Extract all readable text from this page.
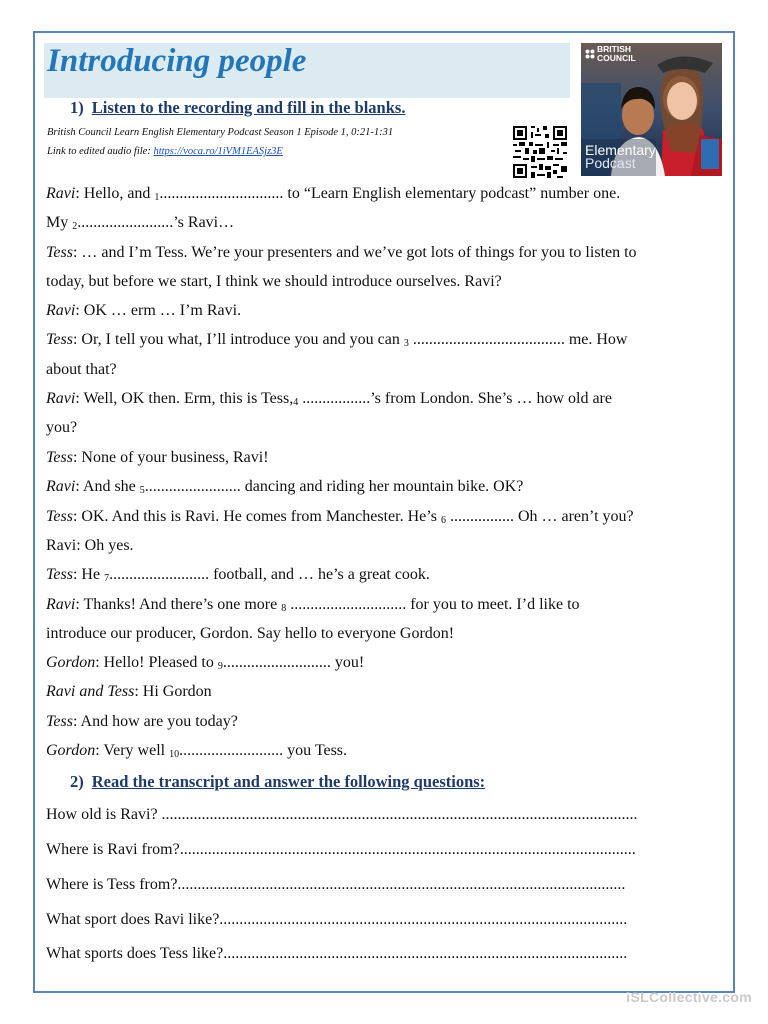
Introducing people
1) Listen to the recording and fill in the blanks.
British Council Learn English Elementary Podcast Season 1 Episode 1, 0:21-1:31
Link to edited audio file: https://voca.ro/1iVM1EASjz3E
BRITISH
COUNCIL
Elementary
Podcast
Ravi: Hello, and $_1$............................... to “Learn English elementary podcast” number one.
My $_2$........................’s Ravi…
Tess: … and I’m Tess. We’re your presenters and we’ve got lots of things for you to listen to
today, but before we start, I think we should introduce ourselves. Ravi?
Ravi: OK … erm … I’m Ravi.
Tess: Or, I tell you what, I’ll introduce you and you can $_3$ ...................................... me. How
about that?
Ravi: Well, OK then. Erm, this is $Tess,_4$ .................’s from London. She’s … how old are
you?
Tess: None of your business, Ravi!
Ravi: And she $_5$........................ dancing and riding her mountain bike. OK?
Tess: OK. And this is Ravi. He comes from Manchester. He’s $_6$ ................ Oh … aren’t you?
Ravi: Oh yes.
Tess: He $_7$......................... football, and … he’s a great cook.
Ravi: Thanks! And there’s one more $_8$ ............................. for you to meet. I’d like to
introduce our producer, Gordon. Say hello to everyone Gordon!
Gordon: Hello! Pleased to $_9$........................... you!
Ravi and Tess: Hi Gordon
Tess: And how are you today?
Gordon: Very well $_{10}$.......................... you Tess.
2) Read the transcript and answer the following questions:
How old is Ravi? .......................................................................................................................
Where is Ravi from?..................................................................................................................
Where is Tess from?................................................................................................................
What sport does Ravi like?......................................................................................................
What sports does Tess like?.....................................................................................................
iSLCollective.com
